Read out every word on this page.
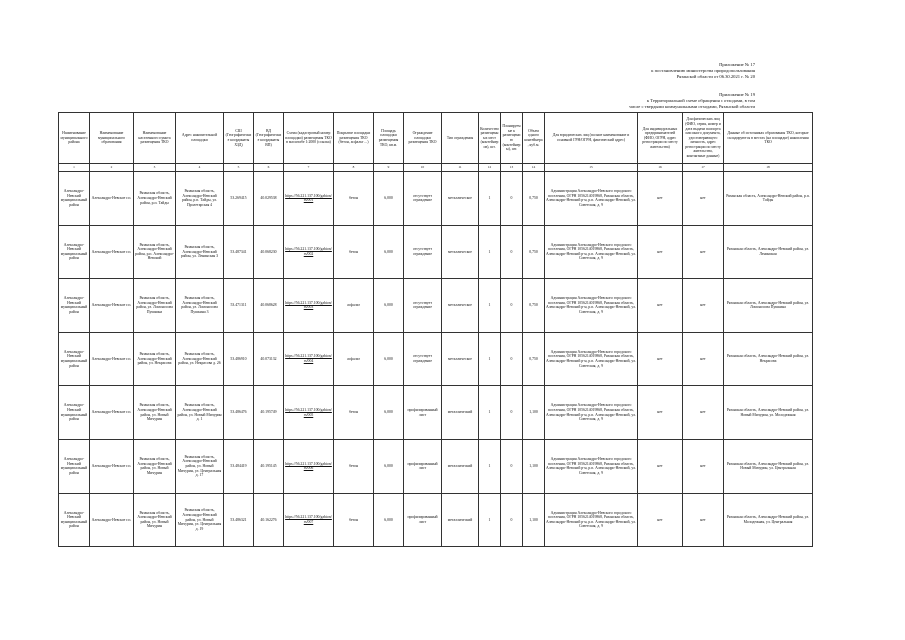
Приложение № 17
к постановлению министерства природопользования
Рязанской области от 06.30.2021 г. № 20
Приложение № 19
к Территориальной схеме обращения с отходами, в том
числе с твердыми коммунальными отходами, Рязанской области
Наименование муниципального района	Наименование муниципального образования	Наименование населенного пункта размещения ТКО	Адрес накопительной площадки	СШ (Географические координаты ХЗД)	ВД (Географические координаты ВП)	Схема (кадастровый номер площадки) размещения ТКО в масштабе 1:2000 (ссылка)	Покрытие площадки размещения ТКО (бетон, асфальт ...)	Площадь площадки размещения ТКО, кв.м.	Ограждение площадки размещения ТКО	Тип ограждения	Количество размещенных мест (контейнеров), шт.	Планируемые к размещению (контейнеры), шт.	Объем одного контейнера, куб.м.	Для юридических лиц (полное наименование и основной ГРН/ОГРН, фактический адрес)	Для индивидуальных предпринимателей (ФИО, ОГРН, адрес регистрации по месту жительства)	Для физических лиц (ФИО, серия, номер и дата выдачи паспорта или иного документа, удостоверяющего личность, адрес регистрации по месту жительства, контактные данные)	Данные об источниках образования ТКО, которые складируются в местах (на площадке) накопления ТКО
1	2	3	4	5	6	7	8	9	10	11	12	13	14	15	16	17	18
Александро-Невский муниципальный район	Александро-Невское г.п.	Рязанская область, Александро-Невский район, р.п. Тайды	Рязанская область, Александро-Невский район, р.п. Тайды, ул. Пролетарская 4	53.269415	40.029538	https://56.221.137.100/gabion/rs/001	бетон	6,000	отсутствует ограждение	металлическое	1	0	0,750	Администрация Александро-Невского городского поселения, ОГРН 1056214019868, Рязанская область, Александро-Невский р-н, р.п. Александро-Невский, ул. Советская, д. 9	нет	нет	Рязанская область, Александро-Невский район, р.п. Тайды
Александро-Невский муниципальный район	Александро-Невское г.п.	Рязанская область, Александро-Невский район, р.п. Александро-Невский	Рязанская область, Александро-Невский район, ул. Ленинская 3	53.487341	40.068230	https://56.221.137.100/gabion/rs/002	бетон	6,000	отсутствует ограждение	металлическое	1	0	0,750	Администрация Александро-Невского городского поселения, ОГРН 1056214019868, Рязанская область, Александро-Невский р-н, р.п. Александро-Невский, ул. Советская, д. 9	нет	нет	Рязанская область, Александро-Невский район, ул. Ленинская
Александро-Невский муниципальный район	Александро-Невское г.п.	Рязанская область, Александро-Невский район, ул. Ломоносова Пушкина	Рязанская область, Александро-Невский район, ул. Ломоносова Пушкина 3	53.471311	40.068628	https://56.221.137.100/gabion/rs/003	асфальт	6,000	отсутствует ограждение	металлическое	1	0	0,750	Администрация Александро-Невского городского поселения, ОГРН 1056214019868, Рязанская область, Александро-Невский р-н, р.п. Александро-Невский, ул. Советская, д. 9	нет	нет	Рязанская область, Александро-Невский район, ул. Ломоносова Пушкина
Александро-Невский муниципальный район	Александро-Невское г.п.	Рязанская область, Александро-Невский район, ул. Некрасова	Рязанская область, Александро-Невский район, ул. Некрасова д. 26	53.486910	40.073132	https://56.221.137.100/gabion/rs/004	асфальт	6,000	отсутствует ограждение	металлическое	1	0	0,750	Администрация Александро-Невского городского поселения, ОГРН 1056214019868, Рязанская область, Александро-Невский р-н, р.п. Александро-Невский, ул. Советская, д. 9	нет	нет	Рязанская область, Александро-Невский район, ул. Некрасова
Александро-Невский муниципальный район	Александро-Невское г.п.	Рязанская область, Александро-Невский район, ул. Новый Мичурин	Рязанская область, Александро-Невский район, ул. Новый Мичурин д. 1	53.486476	40.195749	https://56.221.137.100/gabion/rs/005	бетон	6,000	профилированный лист	металлический	1	0	1,100	Администрация Александро-Невского городского поселения, ОГРН 1056214019868, Рязанская область, Александро-Невский р-н, р.п. Александро-Невский, ул. Советская, д. 9	нет	нет	Рязанская область, Александро-Невский район, ул. Новый Мичурин, ул. Молодежная
Александро-Невский муниципальный район	Александро-Невское г.п.	Рязанская область, Александро-Невский район, ул. Новый Мичурин	Рязанская область, Александро-Невский район, ул. Новый Мичурин, ул. Центральная д. 17	53.484419	40.195145	https://56.221.137.100/gabion/rs/006	бетон	6,000	профилированный лист	металлический	1	0	1,100	Администрация Александро-Невского городского поселения, ОГРН 1056214019868, Рязанская область, Александро-Невский р-н, р.п. Александро-Невский, ул. Советская, д. 9	нет	нет	Рязанская область, Александро-Невский район, ул. Новый Мичурин, ул. Центральная
Александро-Невский муниципальный район	Александро-Невское г.п.	Рязанская область, Александро-Невский район, ул. Новый Мичурин	Рязанская область, Александро-Невский район, ул. Новый Мичурин, ул. Центральная д. 19	53.486321	40.162276	https://56.221.137.100/gabion/rs/007	бетон	6,000	профилированный лист	металлический	1	0	1,100	Администрация Александро-Невского городского поселения, ОГРН 1056214019868, Рязанская область, Александро-Невский р-н, р.п. Александро-Невский, ул. Советская, д. 9	нет	нет	Рязанская область, Александро-Невский район, ул. Молодежная, ул. Центральная
